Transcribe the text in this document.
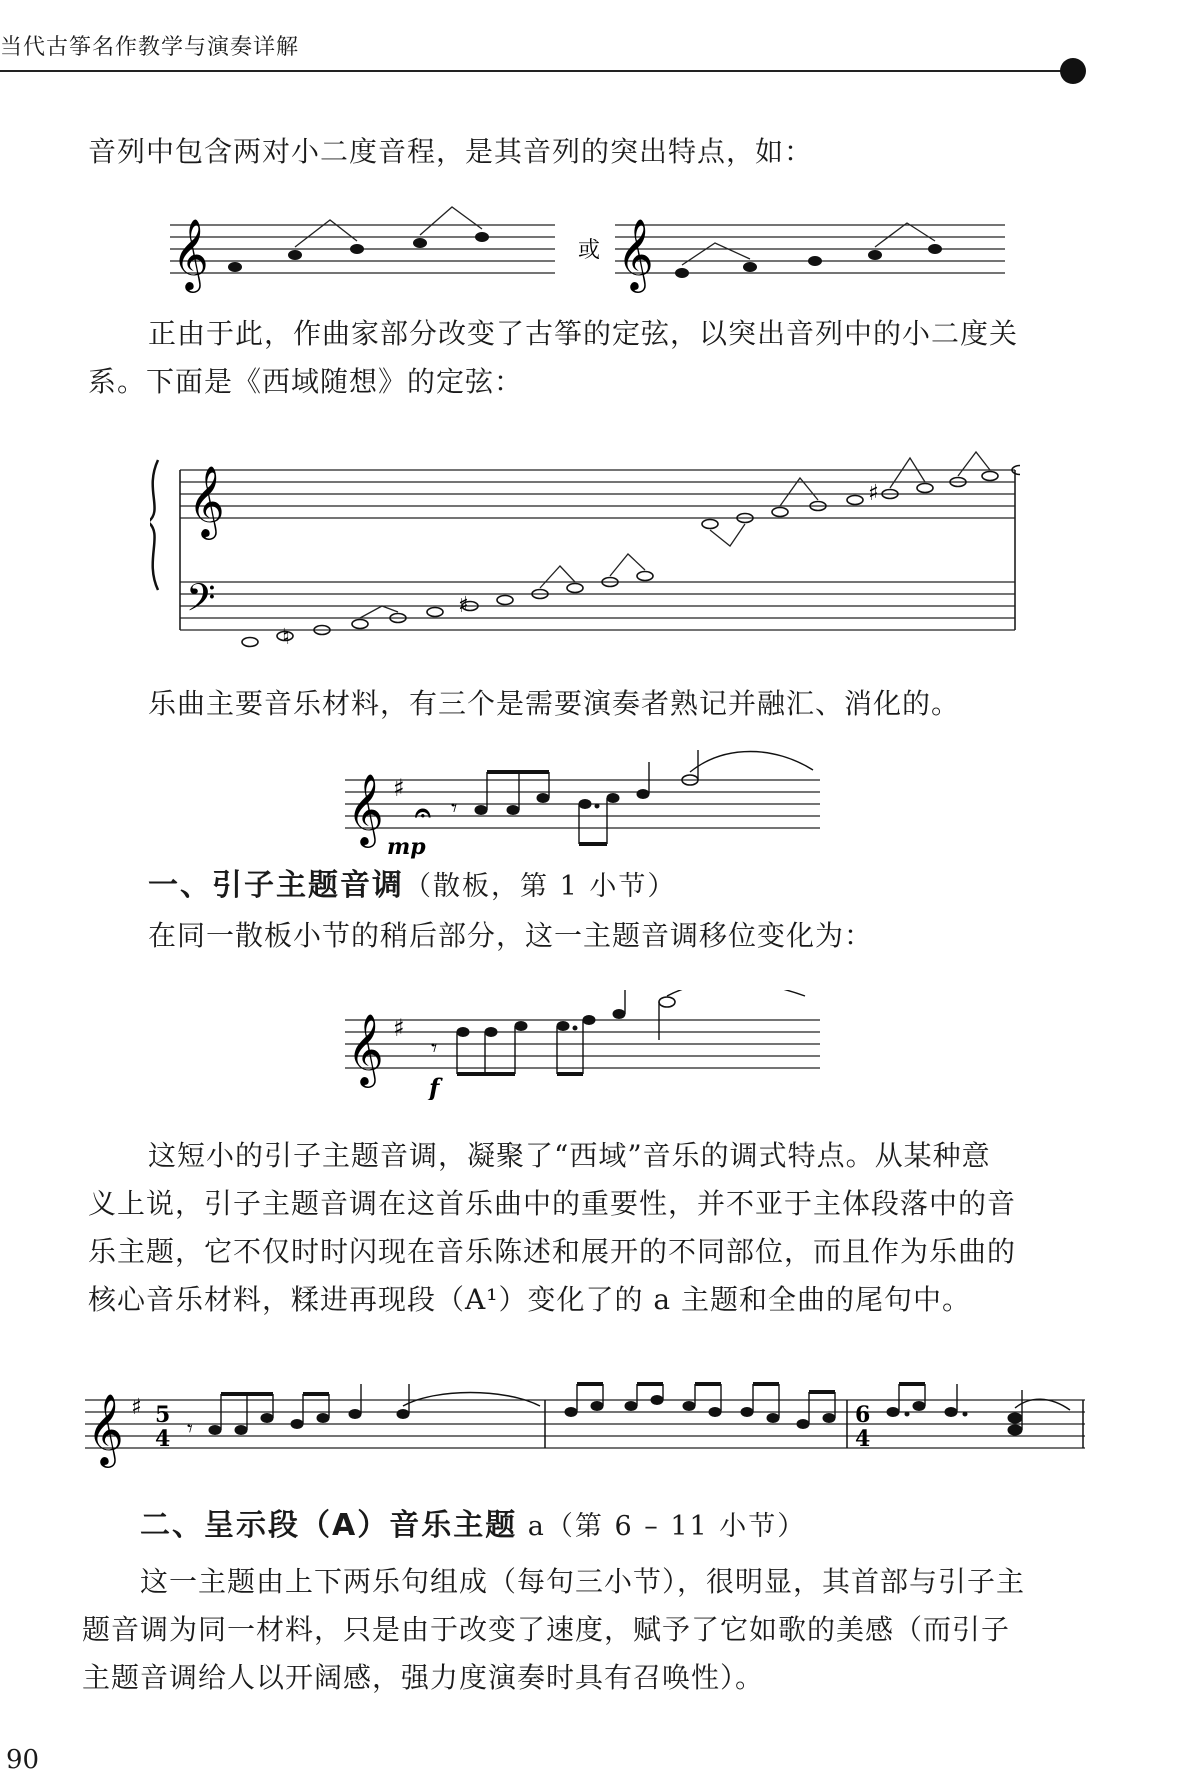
当代古筝名作教学与演奏详解
音列中包含两对小二度音程，是其音列的突出特点，如：
𝄞	或 𝄞
正由于此，作曲家部分改变了古筝的定弦，以突出音列中的小二度关
系。下面是《西域随想》的定弦：
𝄞
𝄢
♮
♯
♯
乐曲主要音乐材料，有三个是需要演奏者熟记并融汇、消化的。
𝄞 ♯
𝄐 𝄾
mp
一、引子主题音调（散板，第 1 小节）
在同一散板小节的稍后部分，这一主题音调移位变化为：
𝄞 ♯
𝄾
f
这短小的引子主题音调，凝聚了“西域”音乐的调式特点。从某种意
义上说，引子主题音调在这首乐曲中的重要性，并不亚于主体段落中的音
乐主题，它不仅时时闪现在音乐陈述和展开的不同部位，而且作为乐曲的
核心音乐材料，糅进再现段（A¹）变化了的 a 主题和全曲的尾句中。
𝄞 ♯ 5
4 𝄾
6
4
二、呈示段（A）音乐主题 a（第 6 – 11 小节）
这一主题由上下两乐句组成（每句三小节），很明显，其首部与引子主
题音调为同一材料，只是由于改变了速度，赋予了它如歌的美感（而引子
主题音调给人以开阔感，强力度演奏时具有召唤性）。
90
